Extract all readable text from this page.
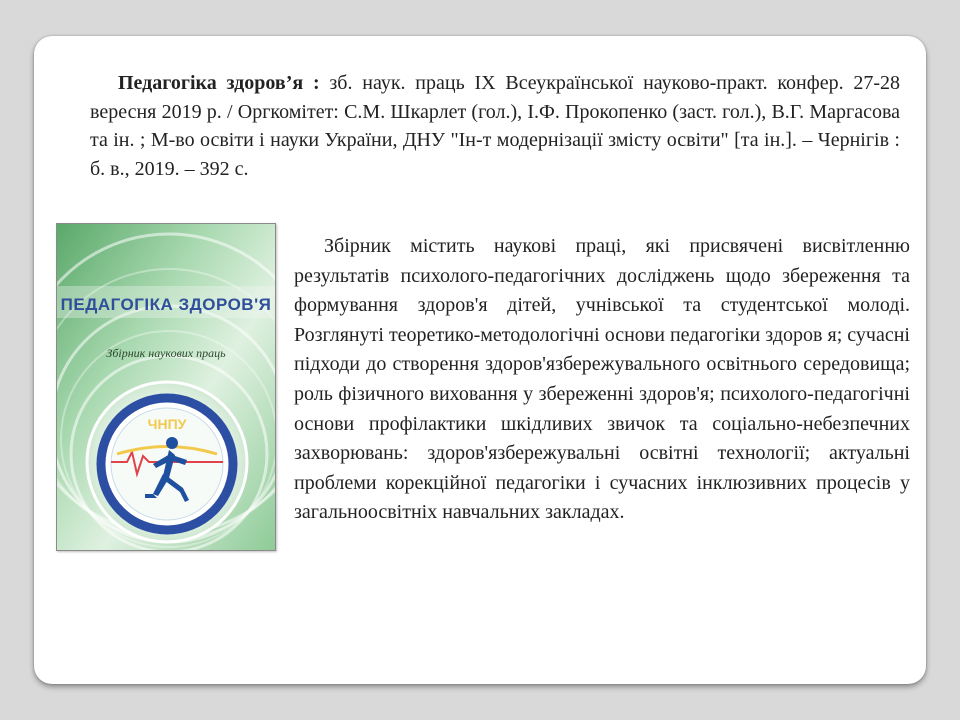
Педагогіка здоров’я : зб. наук. праць IX Всеукраїнської науково-практ. конфер. 27-28 вересня 2019 р. / Оргкомітет: С.М. Шкарлет (гол.), І.Ф. Прокопенко (заст. гол.), В.Г. Маргасова та ін. ; М-во освіти і науки України, ДНУ "Ін-т модернізації змісту освіти" [та ін.]. – Чернігів : б. в., 2019. – 392 с.

ПЕДАГОГІКА ЗДОРОВ'Я
Збірник наукових праць
ЧНПУ

Збірник містить наукові праці, які присвячені висвітленню результатів психолого-педагогічних досліджень щодо збереження та формування здоров'я дітей, учнівської та студентської молоді. Розглянуті теоретико-методологічні основи педагогіки здоров я; сучасні підходи до створення здоров'язбережувального освітнього середовища; роль фізичного виховання у збереженні здоров'я; психолого-педагогічні основи профілактики шкідливих звичок та соціально-небезпечних захворювань: здоров'язбережувальні освітні технології; актуальні проблеми корекційної педагогіки і сучасних інклюзивних процесів у загальноосвітніх навчальних закладах.
